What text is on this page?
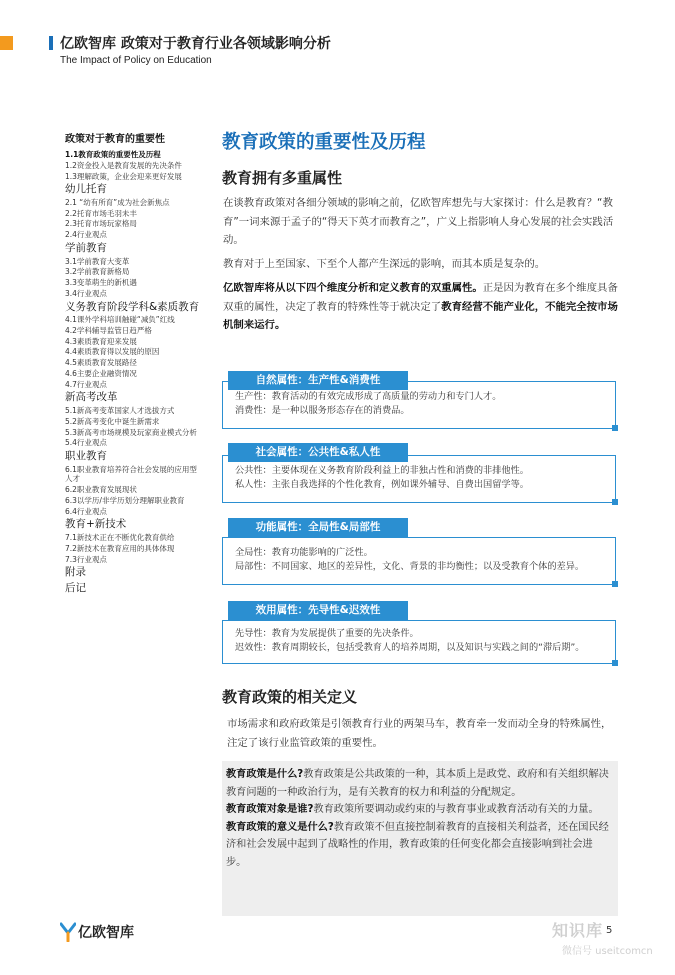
亿欧智库 政策对于教育行业各领域影响分析
The Impact of Policy on Education
政策对于教育的重要性
1.1教育政策的重要性及历程
1.2资金投入是教育发展的先决条件
1.3理解政策，企业会迎来更好发展
幼儿托育
2.1 “幼有所育”成为社会新焦点
2.2托育市场毛羽未丰
2.3托育市场玩家格局
2.4行业观点
学前教育
3.1学前教育大变革
3.2学前教育新格局
3.3变革萌生的新机遇
3.4行业观点
义务教育阶段学科&素质教育
4.1课外学科培训触碰“减负”红线
4.2学科辅导监管日趋严格
4.3素质教育迎来发展
4.4素质教育得以发展的原因
4.5素质教育发展路径
4.6主要企业融资情况
4.7行业观点
新高考改革
5.1新高考变革国家人才选拔方式
5.2新高考变化中诞生新需求
5.3新高考市场规模及玩家商业模式分析
5.4行业观点
职业教育
6.1职业教育培养符合社会发展的应用型人才
6.2职业教育发展现状
6.3以学历/非学历划分理解职业教育
6.4行业观点
教育+新技术
7.1新技术正在不断优化教育供给
7.2新技术在教育应用的具体体现
7.3行业观点
附录
后记
教育政策的重要性及历程
教育拥有多重属性
在谈教育政策对各细分领域的影响之前，亿欧智库想先与大家探讨：什么是教育？“教育”一词来源于孟子的“得天下英才而教育之”，广义上指影响人身心发展的社会实践活动。
教育对于上至国家、下至个人都产生深远的影响，而其本质是复杂的。
亿欧智库将从以下四个维度分析和定义教育的双重属性。正是因为教育在多个维度具备双重的属性，决定了教育的特殊性等于就决定了教育经营不能产业化，不能完全按市场机制来运行。
生产性：教育活动的有效完成形成了高质量的劳动力和专门人才。
消费性：是一种以服务形态存在的消费品。
自然属性：生产性&消费性
公共性：主要体现在义务教育阶段利益上的非独占性和消费的非排他性。
私人性：主张自我选择的个性化教育，例如课外辅导、自费出国留学等。
社会属性：公共性&私人性
全局性：教育功能影响的广泛性。
局部性：不同国家、地区的差异性，文化、背景的非均衡性；以及受教育个体的差异。
功能属性：全局性&局部性
先导性：教育为发展提供了重要的先决条件。
迟效性：教育周期较长，包括受教育人的培养周期，以及知识与实践之间的“滞后期”。
效用属性：先导性&迟效性
教育政策的相关定义
市场需求和政府政策是引领教育行业的两架马车，教育牵一发而动全身的特殊属性，注定了该行业监管政策的重要性。
教育政策是什么?教育政策是公共政策的一种，其本质上是政党、政府和有关组织解决教育问题的一种政治行为，是有关教育的权力和利益的分配规定。
教育政策对象是谁?教育政策所要调动或约束的与教育事业或教育活动有关的力量。
教育政策的意义是什么?教育政策不但直接控制着教育的直接相关利益者，还在国民经济和社会发展中起到了战略性的作用，教育政策的任何变化都会直接影响到社会进步。
亿欧智库	知识库
微信号 useitcomcn
5
